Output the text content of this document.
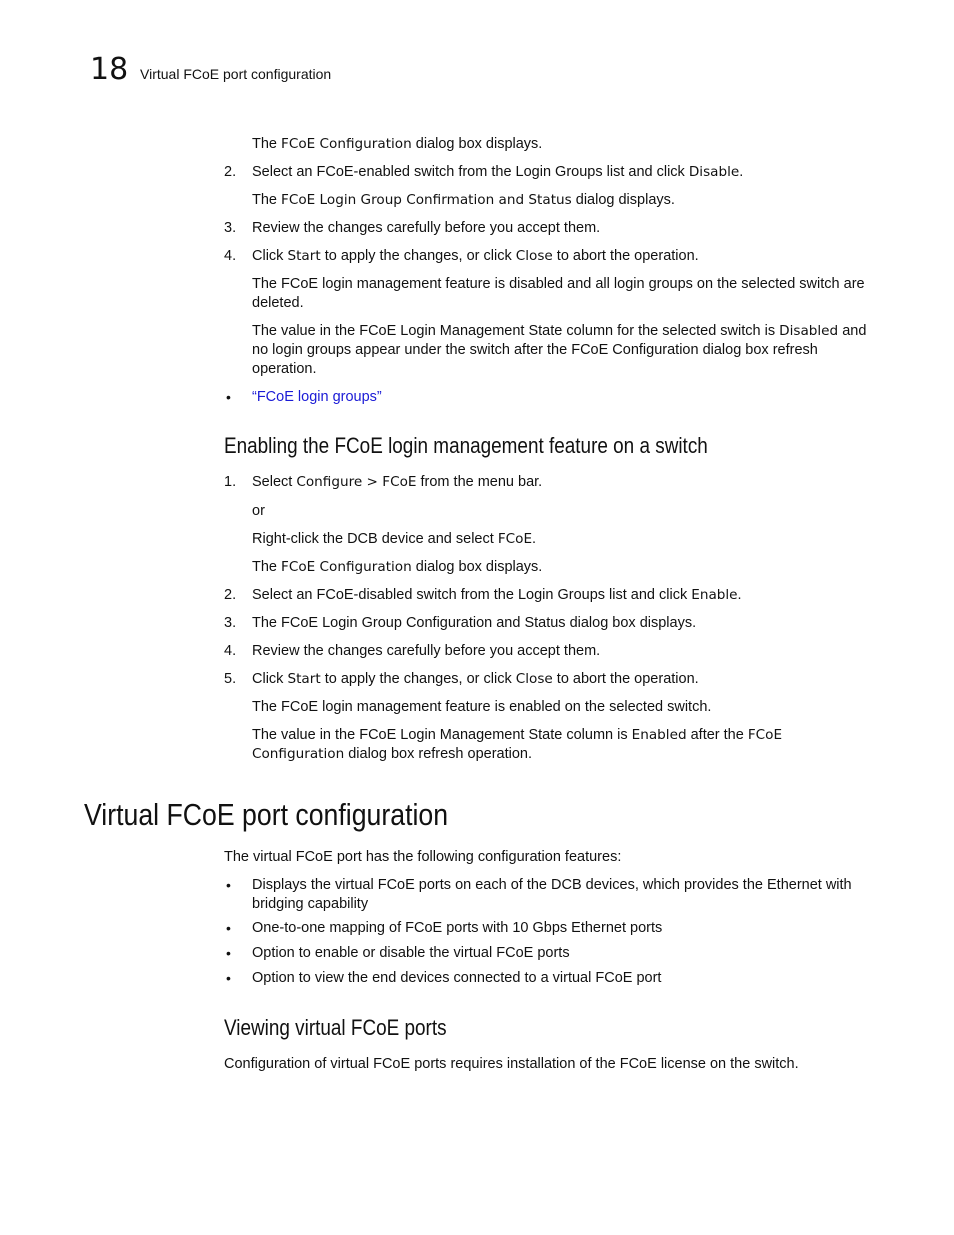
18 Virtual FCoE port configuration
The FCoE Configuration dialog box displays.
2. Select an FCoE-enabled switch from the Login Groups list and click Disable.
The FCoE Login Group Confirmation and Status dialog displays.
3. Review the changes carefully before you accept them.
4. Click Start to apply the changes, or click Close to abort the operation.
The FCoE login management feature is disabled and all login groups on the selected switch are deleted.
The value in the FCoE Login Management State column for the selected switch is Disabled and no login groups appear under the switch after the FCoE Configuration dialog box refresh operation.
• “FCoE login groups”
Enabling the FCoE login management feature on a switch
1. Select Configure > FCoE from the menu bar.
or
Right-click the DCB device and select FCoE.
The FCoE Configuration dialog box displays.
2. Select an FCoE-disabled switch from the Login Groups list and click Enable.
3. The FCoE Login Group Configuration and Status dialog box displays.
4. Review the changes carefully before you accept them.
5. Click Start to apply the changes, or click Close to abort the operation.
The FCoE login management feature is enabled on the selected switch.
The value in the FCoE Login Management State column is Enabled after the FCoE Configuration dialog box refresh operation.
Virtual FCoE port configuration
The virtual FCoE port has the following configuration features:
• Displays the virtual FCoE ports on each of the DCB devices, which provides the Ethernet with bridging capability
• One-to-one mapping of FCoE ports with 10 Gbps Ethernet ports
• Option to enable or disable the virtual FCoE ports
• Option to view the end devices connected to a virtual FCoE port
Viewing virtual FCoE ports
Configuration of virtual FCoE ports requires installation of the FCoE license on the switch.
